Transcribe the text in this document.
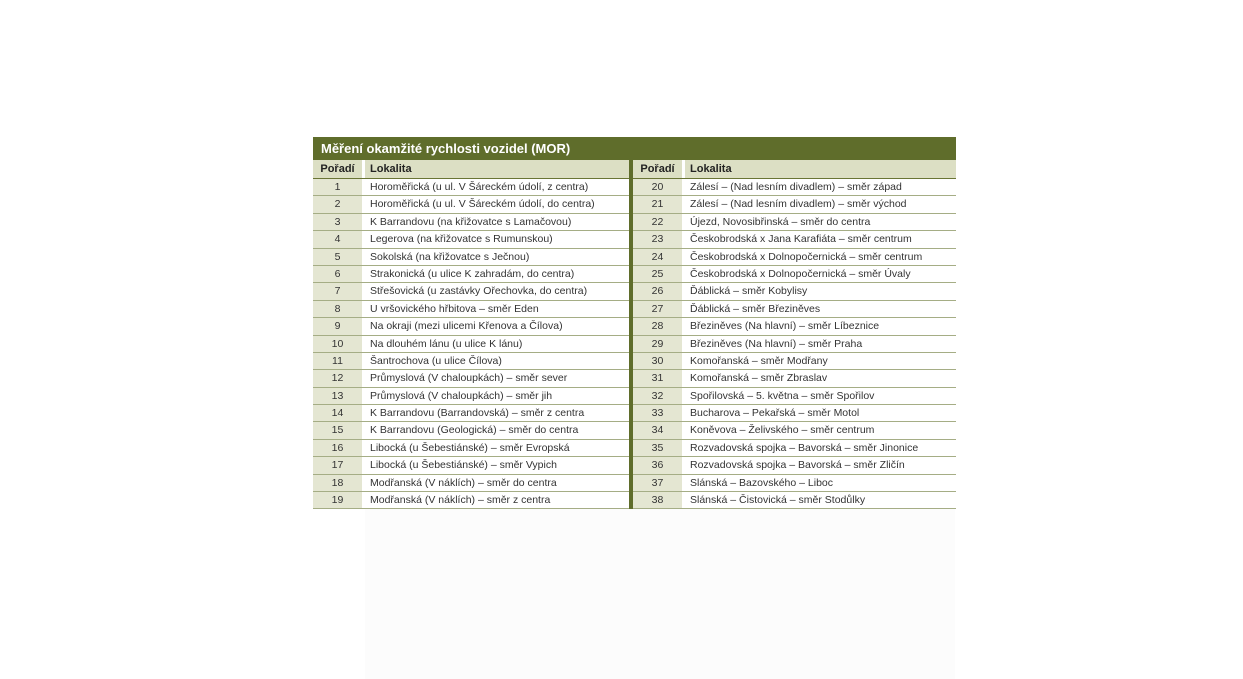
Měření okamžité rychlosti vozidel (MOR)
Pořadí	Lokalita
1	Horoměřická (u ul. V Šáreckém údolí, z centra)
2	Horoměřická (u ul. V Šáreckém údolí, do centra)
3	K Barrandovu (na křižovatce s Lamačovou)
4	Legerova (na křižovatce s Rumunskou)
5	Sokolská (na křižovatce s Ječnou)
6	Strakonická (u ulice K zahradám, do centra)
7	Střešovická (u zastávky Ořechovka, do centra)
8	U vršovického hřbitova – směr Eden
9	Na okraji (mezi ulicemi Křenova a Čílova)
10	Na dlouhém lánu (u ulice K lánu)
11	Šantrochova (u ulice Čílova)
12	Průmyslová (V chaloupkách) – směr sever
13	Průmyslová (V chaloupkách) – směr jih
14	K Barrandovu (Barrandovská) – směr z centra
15	K Barrandovu (Geologická) – směr do centra
16	Libocká (u Šebestiánské) – směr Evropská
17	Libocká (u Šebestiánské) – směr Vypich
18	Modřanská (V náklích) – směr do centra
19	Modřanská (V náklích) – směr z centra
Pořadí	Lokalita
20	Zálesí – (Nad lesním divadlem) – směr západ
21	Zálesí – (Nad lesním divadlem) – směr východ
22	Újezd, Novosibřinská – směr do centra
23	Českobrodská x Jana Karafiáta – směr centrum
24	Českobrodská x Dolnopočernická – směr centrum
25	Českobrodská x Dolnopočernická – směr Úvaly
26	Ďáblická – směr Kobylisy
27	Ďáblická – směr Březiněves
28	Březiněves (Na hlavní) – směr Líbeznice
29	Březiněves (Na hlavní) – směr Praha
30	Komořanská – směr Modřany
31	Komořanská – směr Zbraslav
32	Spořilovská – 5. května – směr Spořilov
33	Bucharova – Pekařská – směr Motol
34	Koněvova – Želivského – směr centrum
35	Rozvadovská spojka – Bavorská – směr Jinonice
36	Rozvadovská spojka – Bavorská – směr Zličín
37	Slánská – Bazovského – Liboc
38	Slánská – Čistovická – směr Stodůlky
